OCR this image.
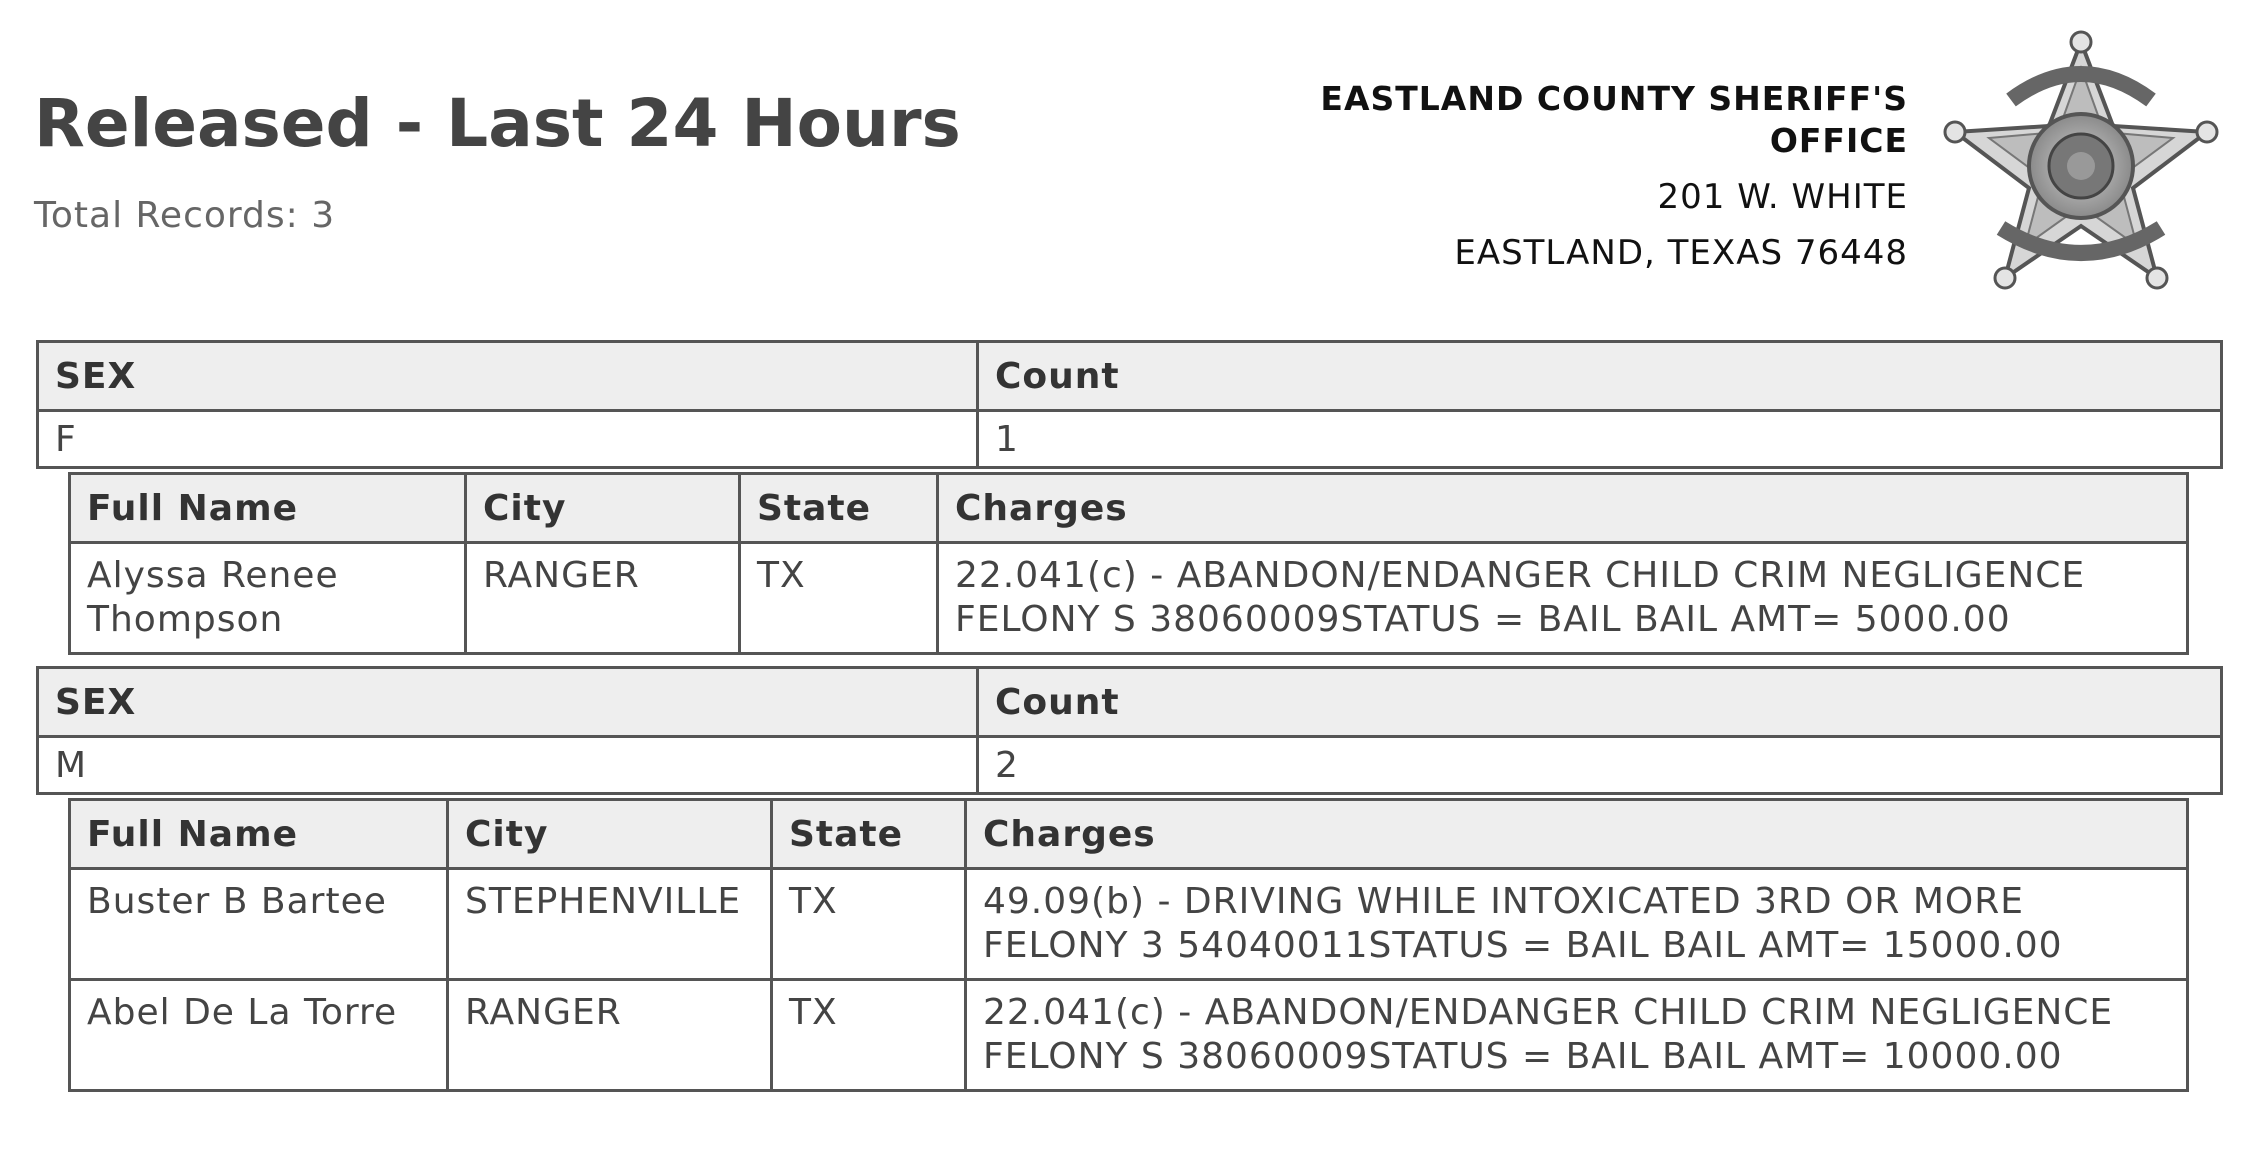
Released - Last 24 Hours
Total Records: 3
EASTLAND COUNTY SHERIFF'S
OFFICE
201 W. WHITE
EASTLAND, TEXAS 76448
SEX	Count
F	1
Full Name	City	State	Charges
Alyssa Renee Thompson	RANGER	TX	22.041(c) - ABANDON/ENDANGER CHILD CRIM NEGLIGENCE
FELONY S 38060009STATUS = BAIL BAIL AMT= 5000.00
SEX	Count
M	2
Full Name	City	State	Charges
Buster B Bartee	STEPHENVILLE	TX	49.09(b) - DRIVING WHILE INTOXICATED 3RD OR MORE
FELONY 3 54040011STATUS = BAIL BAIL AMT= 15000.00

Abel De La Torre	RANGER	TX	22.041(c) - ABANDON/ENDANGER CHILD CRIM NEGLIGENCE
FELONY S 38060009STATUS = BAIL BAIL AMT= 10000.00
